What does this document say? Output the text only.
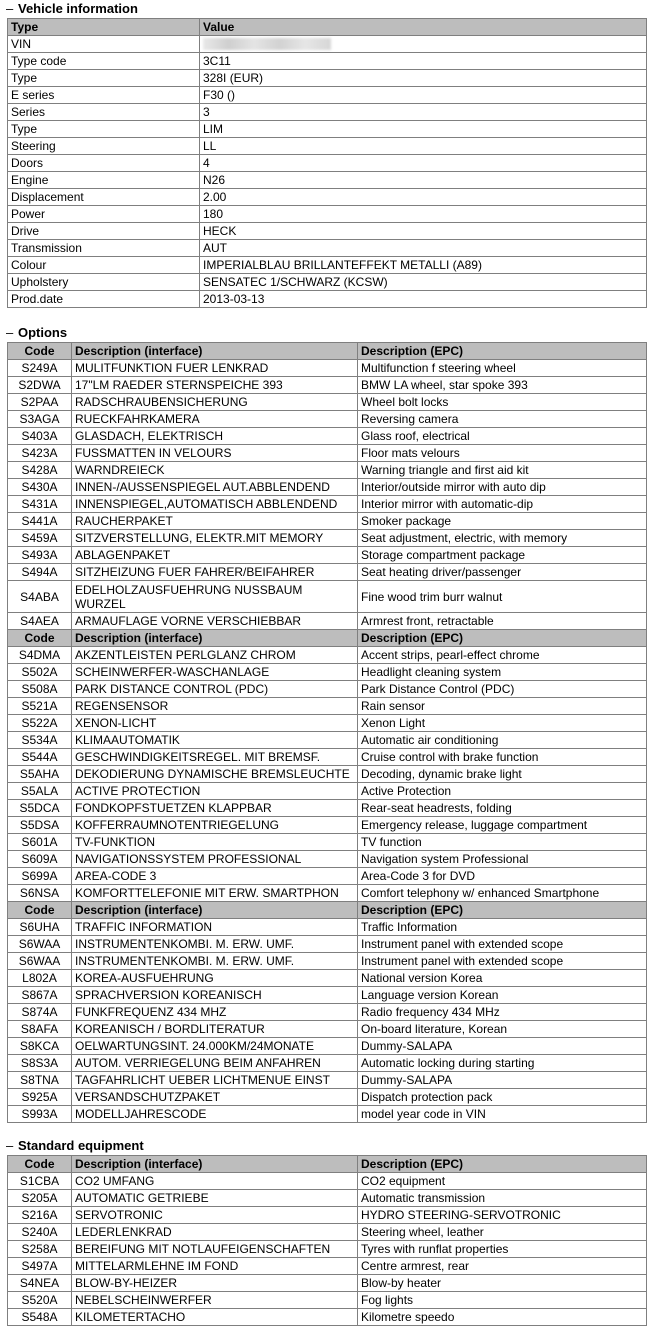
– Vehicle information
Type	Value
VIN	
Type code	3C11
Type	328I (EUR)
E series	F30 ()
Series	3
Type	LIM
Steering	LL
Doors	4
Engine	N26
Displacement	2.00
Power	180
Drive	HECK
Transmission	AUT
Colour	IMPERIALBLAU BRILLANTEFFEKT METALLI (A89)
Upholstery	SENSATEC 1/SCHWARZ (KCSW)
Prod.date	2013-03-13
– Options
Code	Description (interface)	Description (EPC)
S249A	MULITFUNKTION FUER LENKRAD	Multifunction f steering wheel
S2DWA	17"LM RAEDER STERNSPEICHE 393	BMW LA wheel, star spoke 393
S2PAA	RADSCHRAUBENSICHERUNG	Wheel bolt locks
S3AGA	RUECKFAHRKAMERA	Reversing camera
S403A	GLASDACH, ELEKTRISCH	Glass roof, electrical
S423A	FUSSMATTEN IN VELOURS	Floor mats velours
S428A	WARNDREIECK	Warning triangle and first aid kit
S430A	INNEN-/AUSSENSPIEGEL AUT.ABBLENDEND	Interior/outside mirror with auto dip
S431A	INNENSPIEGEL,AUTOMATISCH ABBLENDEND	Interior mirror with automatic-dip
S441A	RAUCHERPAKET	Smoker package
S459A	SITZVERSTELLUNG, ELEKTR.MIT MEMORY	Seat adjustment, electric, with memory
S493A	ABLAGENPAKET	Storage compartment package
S494A	SITZHEIZUNG FUER FAHRER/BEIFAHRER	Seat heating driver/passenger
S4ABA	EDELHOLZAUSFUEHRUNG NUSSBAUM WURZEL	Fine wood trim burr walnut
S4AEA	ARMAUFLAGE VORNE VERSCHIEBBAR	Armrest front, retractable
Code	Description (interface)	Description (EPC)
S4DMA	AKZENTLEISTEN PERLGLANZ CHROM	Accent strips, pearl-effect chrome
S502A	SCHEINWERFER-WASCHANLAGE	Headlight cleaning system
S508A	PARK DISTANCE CONTROL (PDC)	Park Distance Control (PDC)
S521A	REGENSENSOR	Rain sensor
S522A	XENON-LICHT	Xenon Light
S534A	KLIMAAUTOMATIK	Automatic air conditioning
S544A	GESCHWINDIGKEITSREGEL. MIT BREMSF.	Cruise control with brake function
S5AHA	DEKODIERUNG DYNAMISCHE BREMSLEUCHTE	Decoding, dynamic brake light
S5ALA	ACTIVE PROTECTION	Active Protection
S5DCA	FONDKOPFSTUETZEN KLAPPBAR	Rear-seat headrests, folding
S5DSA	KOFFERRAUMNOTENTRIEGELUNG	Emergency release, luggage compartment
S601A	TV-FUNKTION	TV function
S609A	NAVIGATIONSSYSTEM PROFESSIONAL	Navigation system Professional
S699A	AREA-CODE 3	Area-Code 3 for DVD
S6NSA	KOMFORTTELEFONIE MIT ERW. SMARTPHON	Comfort telephony w/ enhanced Smartphone
Code	Description (interface)	Description (EPC)
S6UHA	TRAFFIC INFORMATION	Traffic Information
S6WAA	INSTRUMENTENKOMBI. M. ERW. UMF.	Instrument panel with extended scope
S6WAA	INSTRUMENTENKOMBI. M. ERW. UMF.	Instrument panel with extended scope
L802A	KOREA-AUSFUEHRUNG	National version Korea
S867A	SPRACHVERSION KOREANISCH	Language version Korean
S874A	FUNKFREQUENZ 434 MHZ	Radio frequency 434 MHz
S8AFA	KOREANISCH / BORDLITERATUR	On-board literature, Korean
S8KCA	OELWARTUNGSINT. 24.000KM/24MONATE	Dummy-SALAPA
S8S3A	AUTOM. VERRIEGELUNG BEIM ANFAHREN	Automatic locking during starting
S8TNA	TAGFAHRLICHT UEBER LICHTMENUE EINST	Dummy-SALAPA
S925A	VERSANDSCHUTZPAKET	Dispatch protection pack
S993A	MODELLJAHRESCODE	model year code in VIN
– Standard equipment
Code	Description (interface)	Description (EPC)
S1CBA	CO2 UMFANG	CO2 equipment
S205A	AUTOMATIC GETRIEBE	Automatic transmission
S216A	SERVOTRONIC	HYDRO STEERING-SERVOTRONIC
S240A	LEDERLENKRAD	Steering wheel, leather
S258A	BEREIFUNG MIT NOTLAUFEIGENSCHAFTEN	Tyres with runflat properties
S497A	MITTELARMLEHNE IM FOND	Centre armrest, rear
S4NEA	BLOW-BY-HEIZER	Blow-by heater
S520A	NEBELSCHEINWERFER	Fog lights
S548A	KILOMETERTACHO	Kilometre speedo
